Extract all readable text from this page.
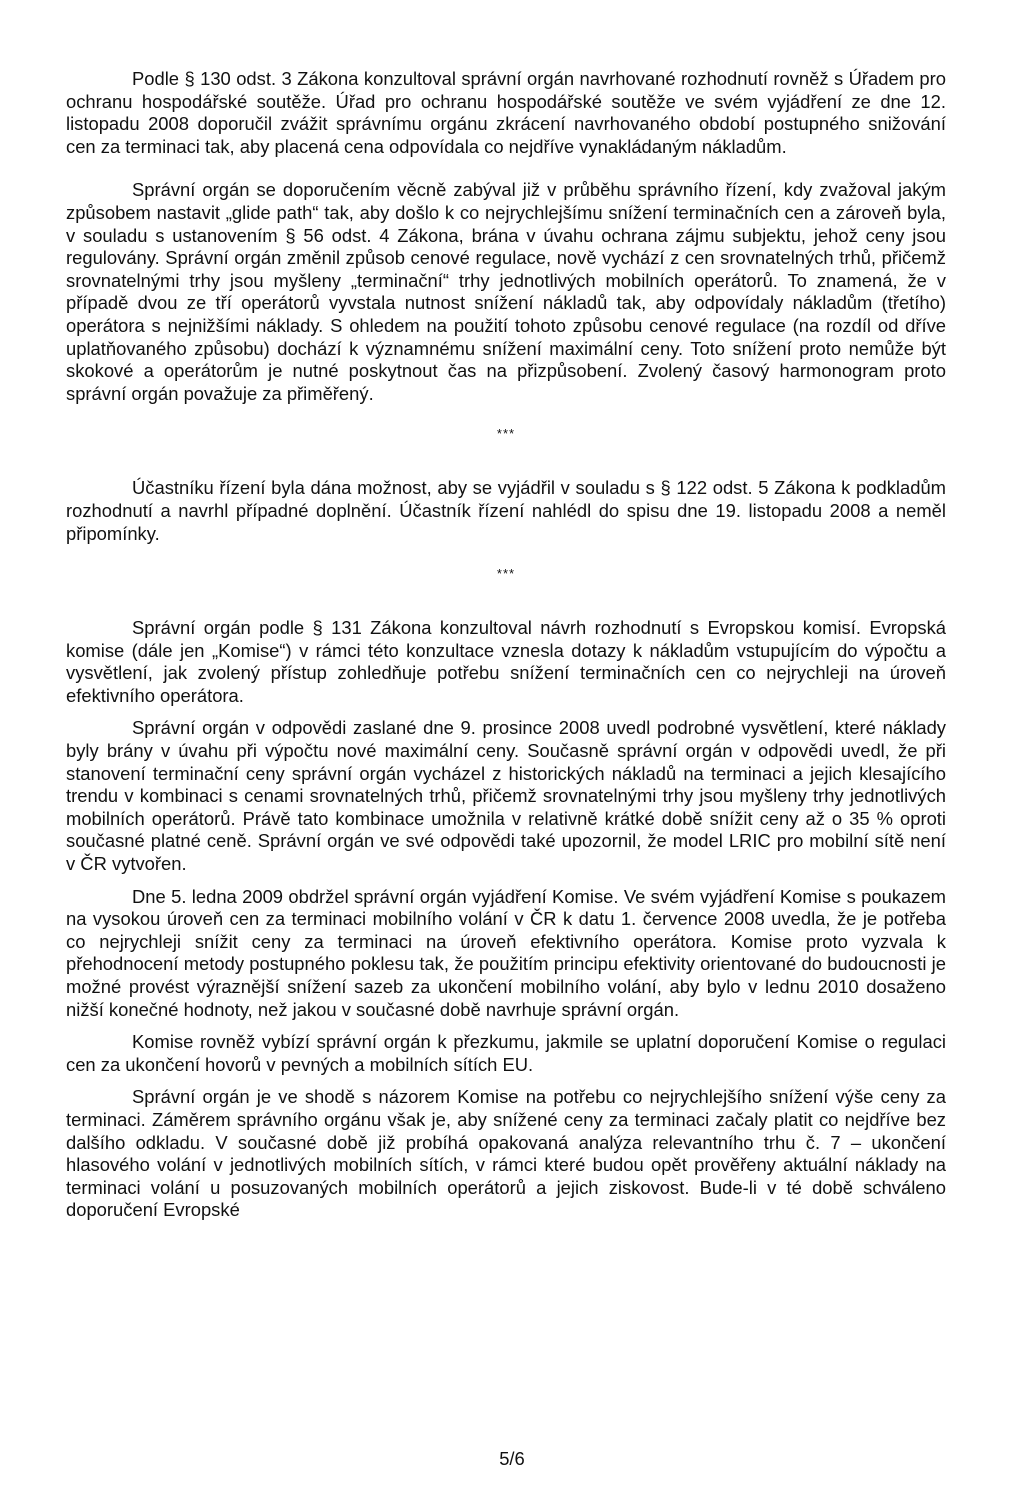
Podle § 130 odst. 3 Zákona konzultoval správní orgán navrhované rozhodnutí rovněž s Úřadem pro ochranu hospodářské soutěže. Úřad pro ochranu hospodářské soutěže ve svém vyjádření ze dne 12. listopadu 2008 doporučil zvážit správnímu orgánu zkrácení navrhovaného období postupného snižování cen za terminaci tak, aby placená cena odpovídala co nejdříve vynakládaným nákladům.

Správní orgán se doporučením věcně zabýval již v průběhu správního řízení, kdy zvažoval jakým způsobem nastavit „glide path“ tak, aby došlo k co nejrychlejšímu snížení terminačních cen a zároveň byla, v souladu s ustanovením § 56 odst. 4 Zákona, brána v úvahu ochrana zájmu subjektu, jehož ceny jsou regulovány. Správní orgán změnil způsob cenové regulace, nově vychází z cen srovnatelných trhů, přičemž srovnatelnými trhy jsou myšleny „terminační“ trhy jednotlivých mobilních operátorů. To znamená, že v případě dvou ze tří operátorů vyvstala nutnost snížení nákladů tak, aby odpovídaly nákladům (třetího) operátora s nejnižšími náklady. S ohledem na použití tohoto způsobu cenové regulace (na rozdíl od dříve uplatňovaného způsobu) dochází k významnému snížení maximální ceny. Toto snížení proto nemůže být skokové a operátorům je nutné poskytnout čas na přizpůsobení. Zvolený časový harmonogram proto správní orgán považuje za přiměřený.

***

Účastníku řízení byla dána možnost, aby se vyjádřil v souladu s § 122 odst. 5 Zákona k podkladům rozhodnutí a navrhl případné doplnění. Účastník řízení nahlédl do spisu dne 19. listopadu 2008 a neměl připomínky.

***

Správní orgán podle § 131 Zákona konzultoval návrh rozhodnutí s Evropskou komisí. Evropská komise (dále jen „Komise“) v rámci této konzultace vznesla dotazy k nákladům vstupujícím do výpočtu a vysvětlení, jak zvolený přístup zohledňuje potřebu snížení terminačních cen co nejrychleji na úroveň efektivního operátora.

Správní orgán v odpovědi zaslané dne 9. prosince 2008 uvedl podrobné vysvětlení, které náklady byly brány v úvahu při výpočtu nové maximální ceny. Současně správní orgán v odpovědi uvedl, že při stanovení terminační ceny správní orgán vycházel z historických nákladů na terminaci a jejich klesajícího trendu v kombinaci s cenami srovnatelných trhů, přičemž srovnatelnými trhy jsou myšleny trhy jednotlivých mobilních operátorů. Právě tato kombinace umožnila v relativně krátké době snížit ceny až o 35 % oproti současné platné ceně. Správní orgán ve své odpovědi také upozornil, že model LRIC pro mobilní sítě není v ČR vytvořen.

Dne 5. ledna 2009 obdržel správní orgán vyjádření Komise. Ve svém vyjádření Komise s poukazem na vysokou úroveň cen za terminaci mobilního volání v ČR k datu 1. července 2008 uvedla, že je potřeba co nejrychleji snížit ceny za terminaci na úroveň efektivního operátora. Komise proto vyzvala k přehodnocení metody postupného poklesu tak, že použitím principu efektivity orientované do budoucnosti je možné provést výraznější snížení sazeb za ukončení mobilního volání, aby bylo v lednu 2010 dosaženo nižší konečné hodnoty, než jakou v současné době navrhuje správní orgán.

Komise rovněž vybízí správní orgán k přezkumu, jakmile se uplatní doporučení Komise o regulaci cen za ukončení hovorů v pevných a mobilních sítích EU.

Správní orgán je ve shodě s názorem Komise na potřebu co nejrychlejšího snížení výše ceny za terminaci. Záměrem správního orgánu však je, aby snížené ceny za terminaci začaly platit co nejdříve bez dalšího odkladu. V současné době již probíhá opakovaná analýza relevantního trhu č. 7 – ukončení hlasového volání v jednotlivých mobilních sítích, v rámci které budou opět prověřeny aktuální náklady na terminaci volání u posuzovaných mobilních operátorů a jejich ziskovost. Bude-li v té době schváleno doporučení Evropské

5/6
